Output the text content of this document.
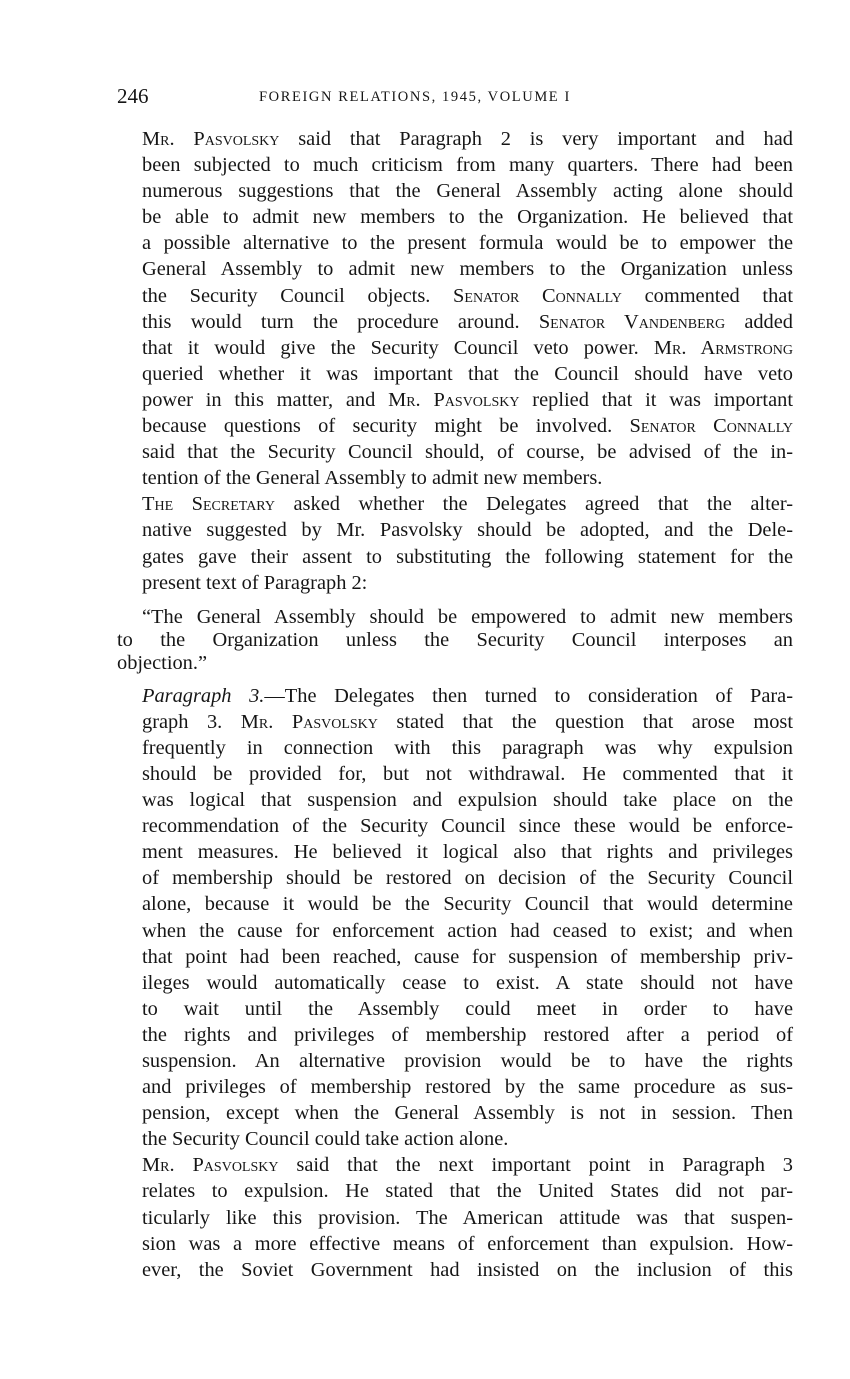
246	FOREIGN RELATIONS, 1945, VOLUME I

Mr. Pasvolsky said that Paragraph 2 is very important and had
been subjected to much criticism from many quarters. There had been
numerous suggestions that the General Assembly acting alone should
be able to admit new members to the Organization. He believed that
a possible alternative to the present formula would be to empower the
General Assembly to admit new members to the Organization unless
the Security Council objects. Senator Connally commented that
this would turn the procedure around. Senator Vandenberg added
that it would give the Security Council veto power. Mr. Armstrong
queried whether it was important that the Council should have veto
power in this matter, and Mr. Pasvolsky replied that it was important
because questions of security might be involved. Senator Connally
said that the Security Council should, of course, be advised of the in-
tention of the General Assembly to admit new members.

The Secretary asked whether the Delegates agreed that the alter-
native suggested by Mr. Pasvolsky should be adopted, and the Dele-
gates gave their assent to substituting the following statement for the
present text of Paragraph 2:

“The General Assembly should be empowered to admit new members
to the Organization unless the Security Council interposes an
objection.”

Paragraph 3.—The Delegates then turned to consideration of Para-
graph 3. Mr. Pasvolsky stated that the question that arose most
frequently in connection with this paragraph was why expulsion
should be provided for, but not withdrawal. He commented that it
was logical that suspension and expulsion should take place on the
recommendation of the Security Council since these would be enforce-
ment measures. He believed it logical also that rights and privileges
of membership should be restored on decision of the Security Council
alone, because it would be the Security Council that would determine
when the cause for enforcement action had ceased to exist; and when
that point had been reached, cause for suspension of membership priv-
ileges would automatically cease to exist. A state should not have
to wait until the Assembly could meet in order to have
the rights and privileges of membership restored after a period of
suspension. An alternative provision would be to have the rights
and privileges of membership restored by the same procedure as sus-
pension, except when the General Assembly is not in session. Then
the Security Council could take action alone.

Mr. Pasvolsky said that the next important point in Paragraph 3
relates to expulsion. He stated that the United States did not par-
ticularly like this provision. The American attitude was that suspen-
sion was a more effective means of enforcement than expulsion. How-
ever, the Soviet Government had insisted on the inclusion of this
